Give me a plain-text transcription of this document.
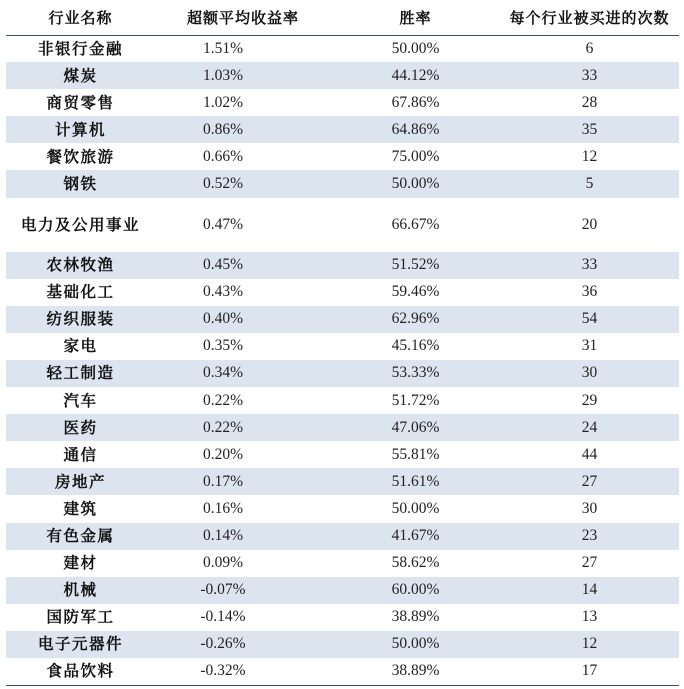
行业名称	超额平均收益率	胜率	每个行业被买进的次数
非银行金融	1.51%	50.00%	6
煤炭	1.03%	44.12%	33
商贸零售	1.02%	67.86%	28
计算机	0.86%	64.86%	35
餐饮旅游	0.66%	75.00%	12
钢铁	0.52%	50.00%	5
电力及公用事业	0.47%	66.67%	20
农林牧渔	0.45%	51.52%	33
基础化工	0.43%	59.46%	36
纺织服装	0.40%	62.96%	54
家电	0.35%	45.16%	31
轻工制造	0.34%	53.33%	30
汽车	0.22%	51.72%	29
医药	0.22%	47.06%	24
通信	0.20%	55.81%	44
房地产	0.17%	51.61%	27
建筑	0.16%	50.00%	30
有色金属	0.14%	41.67%	23
建材	0.09%	58.62%	27
机械	-0.07%	60.00%	14
国防军工	-0.14%	38.89%	13
电子元器件	-0.26%	50.00%	12
食品饮料	-0.32%	38.89%	17
